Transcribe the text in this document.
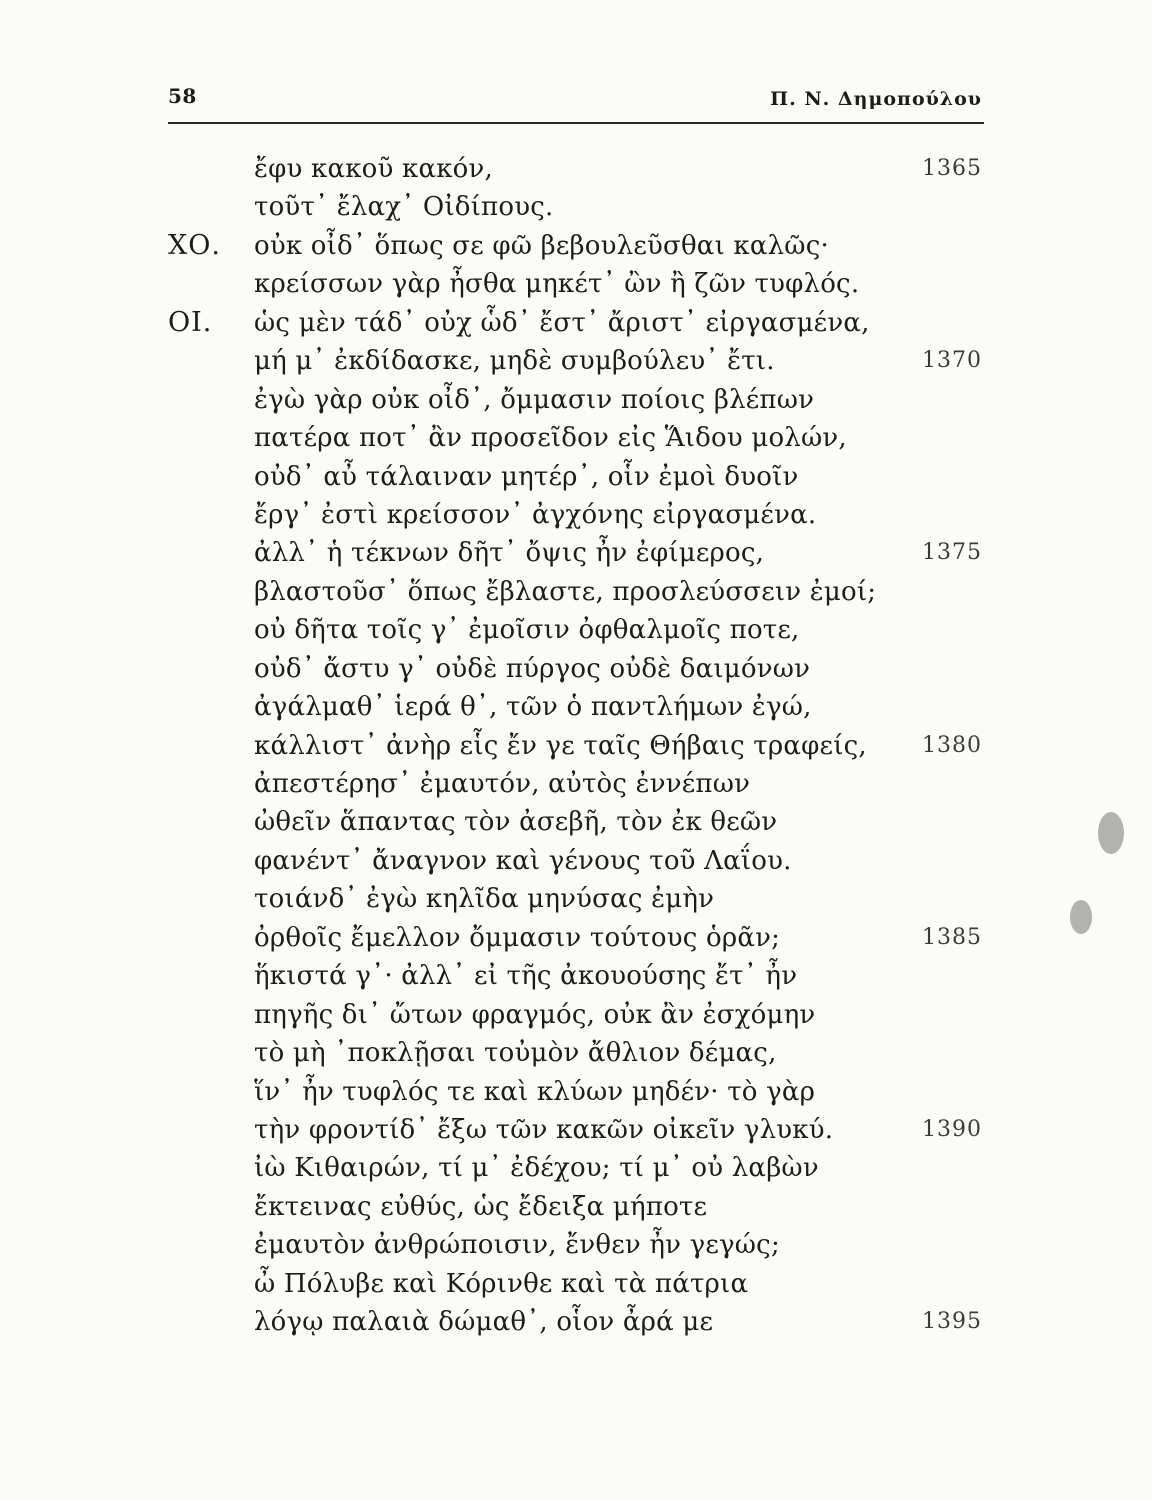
58	Π. Ν. Δημοπούλου
ἔφυ κακοῦ κακόν,	1365
τοῦτ᾽ ἔλαχ᾽ Οἰδίπους.
ΧΟ. οὐκ οἶδ᾽ ὅπως σε φῶ βεβουλεῦσθαι καλῶς·
κρείσσων γὰρ ἦσθα μηκέτ᾽ ὢν ἢ ζῶν τυφλός.
ΟΙ. ὡς μὲν τάδ᾽ οὐχ ὧδ᾽ ἔστ᾽ ἄριστ᾽ εἰργασμένα,
μή μ᾽ ἐκδίδασκε, μηδὲ συμβούλευ᾽ ἔτι.	1370
ἐγὼ γὰρ οὐκ οἶδ᾽, ὄμμασιν ποίοις βλέπων
πατέρα ποτ᾽ ἂν προσεῖδον εἰς Ἅιδου μολών,
οὐδ᾽ αὖ τάλαιναν μητέρ᾽, οἷν ἐμοὶ δυοῖν
ἔργ᾽ ἐστὶ κρείσσον᾽ ἀγχόνης εἰργασμένα.
ἀλλ᾽ ἡ τέκνων δῆτ᾽ ὄψις ἦν ἐφίμερος,	1375
βλαστοῦσ᾽ ὅπως ἔβλαστε, προσλεύσσειν ἐμοί;
οὐ δῆτα τοῖς γ᾽ ἐμοῖσιν ὀφθαλμοῖς ποτε,
οὐδ᾽ ἄστυ γ᾽ οὐδὲ πύργος οὐδὲ δαιμόνων
ἀγάλμαθ᾽ ἱερά θ᾽, τῶν ὁ παντλήμων ἐγώ,
κάλλιστ᾽ ἀνὴρ εἷς ἔν γε ταῖς Θήβαις τραφείς,	1380
ἀπεστέρησ᾽ ἐμαυτόν, αὐτὸς ἐννέπων
ὠθεῖν ἅπαντας τὸν ἀσεβῆ, τὸν ἐκ θεῶν
φανέντ᾽ ἄναγνον καὶ γένους τοῦ Λαΐου.
τοιάνδ᾽ ἐγὼ κηλῖδα μηνύσας ἐμὴν
ὀρθοῖς ἔμελλον ὄμμασιν τούτους ὁρᾶν;	1385
ἥκιστά γ᾽· ἀλλ᾽ εἰ τῆς ἀκουούσης ἔτ᾽ ἦν
πηγῆς δι᾽ ὤτων φραγμός, οὐκ ἂν ἐσχόμην
τὸ μὴ ᾽ποκλῇσαι τοὐμὸν ἄθλιον δέμας,
ἵν᾽ ἦν τυφλός τε καὶ κλύων μηδέν· τὸ γὰρ
τὴν φροντίδ᾽ ἔξω τῶν κακῶν οἰκεῖν γλυκύ.	1390
ἰὼ Κιθαιρών, τί μ᾽ ἐδέχου; τί μ᾽ οὐ λαβὼν
ἔκτεινας εὐθύς, ὡς ἔδειξα μήποτε
ἐμαυτὸν ἀνθρώποισιν, ἔνθεν ἦν γεγώς;
ὦ Πόλυβε καὶ Κόρινθε καὶ τὰ πάτρια
λόγῳ παλαιὰ δώμαθ᾽, οἷον ἆρά με	1395
